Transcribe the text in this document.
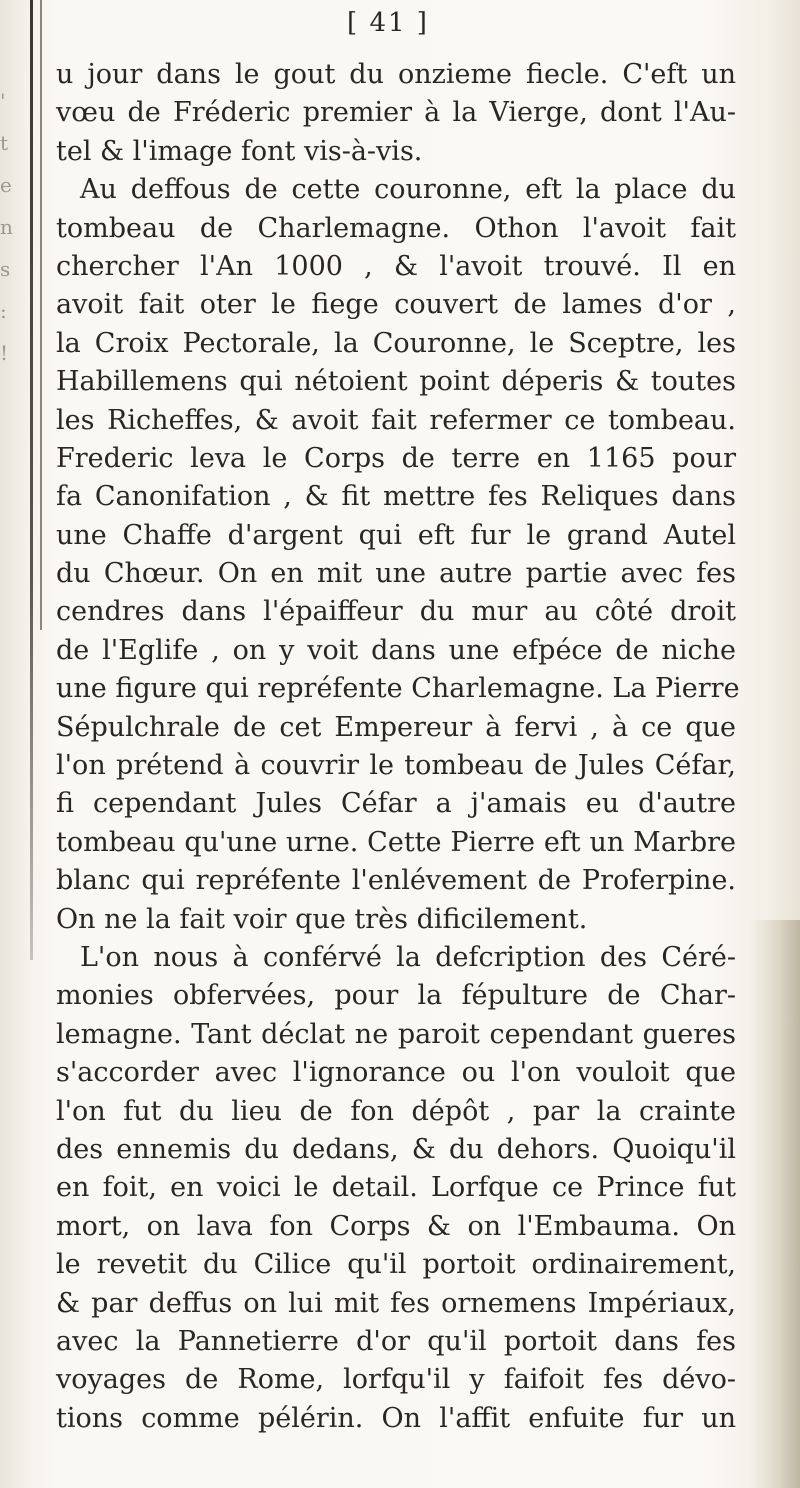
'
t
e
n
s
:
!
[ 41 ]
u jour dans le gout du onzieme fiecle. C'eft un
vœu de Fréderic premier à la Vierge, dont l'Au-
tel & l'image font vis-à-vis.
Au deffous de cette couronne, eft la place du
tombeau de Charlemagne. Othon l'avoit fait
chercher l'An 1000 , & l'avoit trouvé. Il en
avoit fait oter le fiege couvert de lames d'or ,
la Croix Pectorale, la Couronne, le Sceptre, les
Habillemens qui nétoient point déperis & toutes
les Richeffes, & avoit fait refermer ce tombeau.
Frederic leva le Corps de terre en 1165 pour
fa Canonifation , & fit mettre fes Reliques dans
une Chaffe d'argent qui eft fur le grand Autel
du Chœur. On en mit une autre partie avec fes
cendres dans l'épaiffeur du mur au côté droit
de l'Eglife , on y voit dans une efpéce de niche
une figure qui repréfente Charlemagne. La Pierre
Sépulchrale de cet Empereur à fervi , à ce que
l'on prétend à couvrir le tombeau de Jules Céfar,
fi cependant Jules Céfar a j'amais eu d'autre
tombeau qu'une urne. Cette Pierre eft un Marbre
blanc qui repréfente l'enlévement de Proferpine.
On ne la fait voir que très dificilement.
L'on nous à conférvé la defcription des Céré-
monies obfervées, pour la fépulture de Char-
lemagne. Tant déclat ne paroit cependant gueres
s'accorder avec l'ignorance ou l'on vouloit que
l'on fut du lieu de fon dépôt , par la crainte
des ennemis du dedans, & du dehors. Quoiqu'il
en foit, en voici le detail. Lorfque ce Prince fut
mort, on lava fon Corps & on l'Embauma. On
le revetit du Cilice qu'il portoit ordinairement,
& par deffus on lui mit fes ornemens Impériaux,
avec la Pannetierre d'or qu'il portoit dans fes
voyages de Rome, lorfqu'il y faifoit fes dévo-
tions comme pélérin. On l'affit enfuite fur un
